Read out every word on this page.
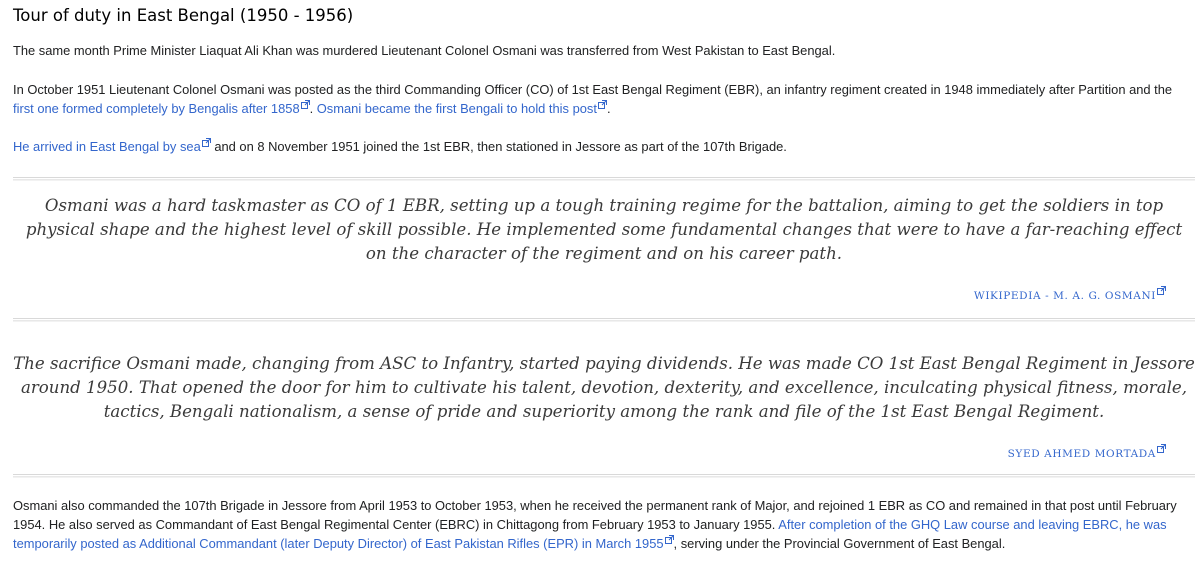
Tour of duty in East Bengal (1950 - 1956)

The same month Prime Minister Liaquat Ali Khan was murdered Lieutenant Colonel Osmani was transferred from West Pakistan to East Bengal.

In October 1951 Lieutenant Colonel Osmani was posted as the third Commanding Officer (CO) of 1st East Bengal Regiment (EBR), an infantry regiment created in 1948 immediately after Partition and the first one formed completely by Bengalis after 1858 . Osmani became the first Bengali to hold this post .

He arrived in East Bengal by sea
and on 8 November 1951 joined the 1st EBR, then stationed in Jessore as part of the 107th Brigade.

Osmani was a hard taskmaster as CO of 1 EBR, setting up a tough training regime for the battalion, aiming to get the soldiers in top physical shape and the highest level of skill possible. He implemented some fundamental changes that were to have a far-reaching effect on the character of the regiment and on his career path.

WIKIPEDIA - M. A. G. OSMANI

The sacrifice Osmani made, changing from ASC to Infantry, started paying dividends. He was made CO 1st East Bengal Regiment in Jessore around 1950. That opened the door for him to cultivate his talent, devotion, dexterity, and excellence, inculcating physical fitness, morale, tactics, Bengali nationalism, a sense of pride and superiority among the rank and file of the 1st East Bengal Regiment.

SYED AHMED MORTADA

Osmani also commanded the 107th Brigade in Jessore from April 1953 to October 1953, when he received the permanent rank of Major, and rejoined 1 EBR as CO and remained in that post until February 1954. He also served as Commandant of East Bengal Regimental Center (EBRC) in Chittagong from February 1953 to January 1955. After completion of the GHQ Law course and leaving EBRC, he was temporarily posted as Additional Commandant (later Deputy Director) of East Pakistan Rifles (EPR) in March 1955 , serving under the Provincial Government of East Bengal.
